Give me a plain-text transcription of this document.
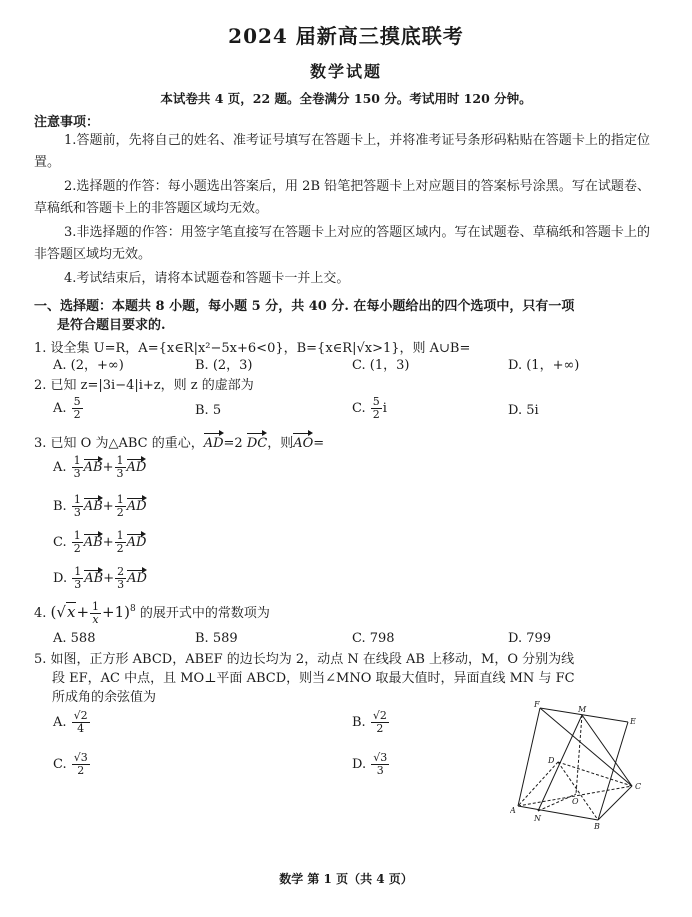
2024 届新高三摸底联考
数学试题
本试卷共 4 页，22 题。全卷满分 150 分。考试用时 120 分钟。
注意事项：
1.答题前，先将自己的姓名、准考证号填写在答题卡上，并将准考证号条形码粘贴在答题卡上的指定位置。
2.选择题的作答：每小题选出答案后，用 2B 铅笔把答题卡上对应题目的答案标号涂黑。写在试题卷、草稿纸和答题卡上的非答题区域均无效。
3.非选择题的作答：用签字笔直接写在答题卡上对应的答题区域内。写在试题卷、草稿纸和答题卡上的非答题区域均无效。
4.考试结束后，请将本试题卷和答题卡一并上交。
一、选择题：本题共 8 小题，每小题 5 分，共 40 分. 在每小题给出的四个选项中，只有一项
是符合题目要求的.
1. 设全集 U=R，A={x∈R|x²−5x+6<0}，B={x∈R|√x>1}，则 A∪B=
A. (2，+∞)	B. (2，3)	C. (1，3)	D. (1，+∞)
2. 已知 z=|3i−4|i+z，则 z 的虚部为
A. $\frac{5}{2}$	B. 5	C. $\frac{5}{2}$ i	D. 5i
3. 已知 O 为△ABC 的重心，AD=2 DC，则AO=
A. $\frac{1}{3} AB+ \frac{1}{3}$ AD
B. $\frac{1}{3} AB+ \frac{1}{2}$ AD
C. $\frac{1}{2} AB+ \frac{1}{2}$ AD
D. $\frac{1}{3} AB+ \frac{2}{3}$ AD
4. $(√x+ \frac{1}{x} +1)^8$ 的展开式中的常数项为
A. 588	B. 589	C. 798	D. 799
5. 如图，正方形 ABCD，ABEF 的边长均为 2，动点 N 在线段 AB 上移动，M，O 分别为线
段 EF，AC 中点，且 MO⊥平面 ABCD，则当∠MNO 取最大值时，异面直线 MN 与 FC
所成角的余弦值为
A. $\frac{√2}{4}$	B. $\frac{√2}{2}$
C. $\frac{√3}{2}$	D. $\frac{√3}{3}$
F
M
E
D
O
A
N
B
C
数学 第 1 页（共 4 页）
